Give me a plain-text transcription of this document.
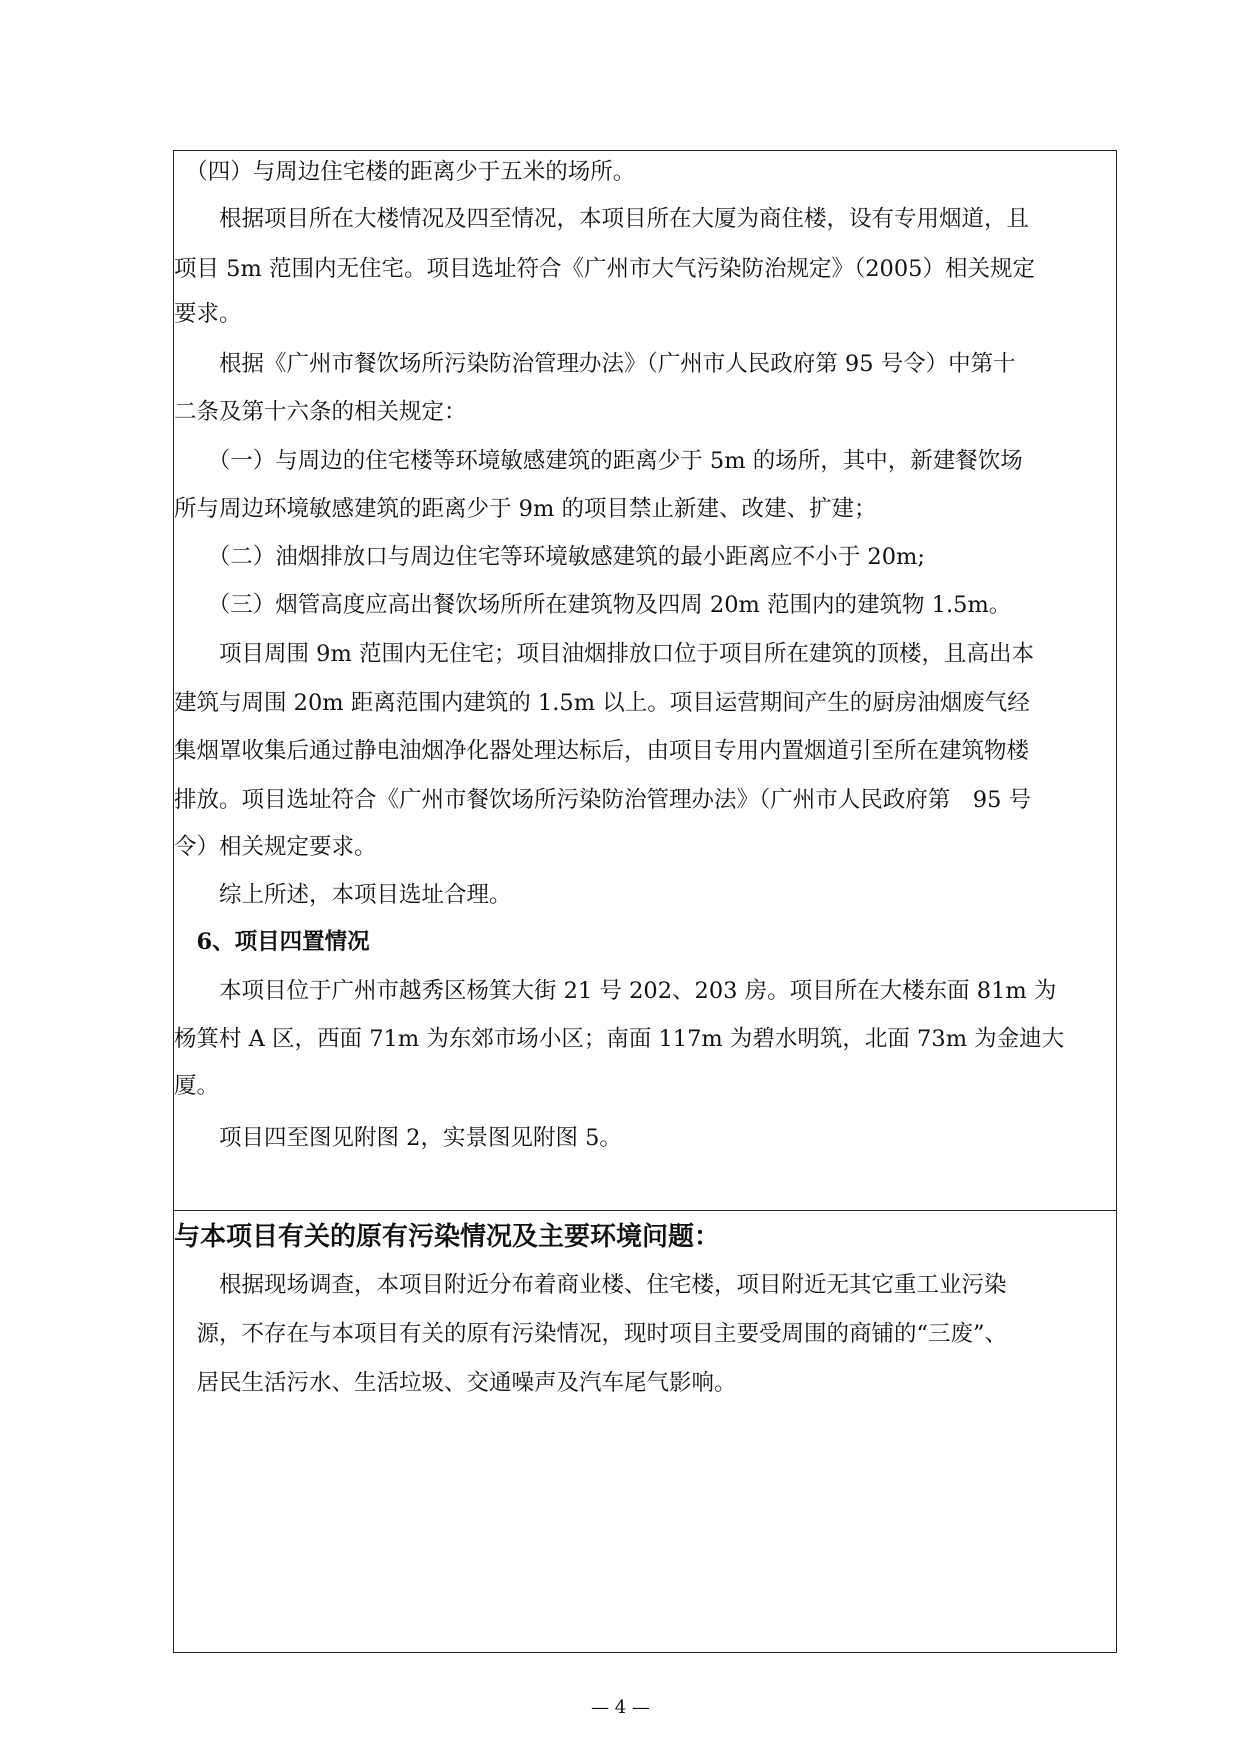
　（四）与周边住宅楼的距离少于五米的场所。
　　根据项目所在大楼情况及四至情况，本项目所在大厦为商住楼，设有专用烟道，且
项目 5m 范围内无住宅。项目选址符合《广州市大气污染防治规定》（2005）相关规定
要求。
　　根据《广州市餐饮场所污染防治管理办法》（广州市人民政府第 95 号令）中第十
二条及第十六条的相关规定：
　　（一）与周边的住宅楼等环境敏感建筑的距离少于 5m 的场所，其中，新建餐饮场
所与周边环境敏感建筑的距离少于 9m 的项目禁止新建、改建、扩建；
　　（二）油烟排放口与周边住宅等环境敏感建筑的最小距离应不小于 20m;
　　（三）烟管高度应高出餐饮场所所在建筑物及四周 20m 范围内的建筑物 1.5m。
　　项目周围 9m 范围内无住宅；项目油烟排放口位于项目所在建筑的顶楼，且高出本
建筑与周围 20m 距离范围内建筑的 1.5m 以上。项目运营期间产生的厨房油烟废气经
集烟罩收集后通过静电油烟净化器处理达标后，由项目专用内置烟道引至所在建筑物楼
排放。项目选址符合《广州市餐饮场所污染防治管理办法》（广州市人民政府第　95 号
令）相关规定要求。
　　综上所述，本项目选址合理。
　6、项目四置情况
　　本项目位于广州市越秀区杨箕大街 21 号 202、203 房。项目所在大楼东面 81m 为
杨箕村 A 区，西面 71m 为东郊市场小区；南面 117m 为碧水明筑，北面 73m 为金迪大
厦。
　　项目四至图见附图 2，实景图见附图 5。
与本项目有关的原有污染情况及主要环境问题：
　　根据现场调查，本项目附近分布着商业楼、住宅楼，项目附近无其它重工业污染
　源，不存在与本项目有关的原有污染情况，现时项目主要受周围的商铺的“三废”、
　居民生活污水、生活垃圾、交通噪声及汽车尾气影响。
— 4 —
